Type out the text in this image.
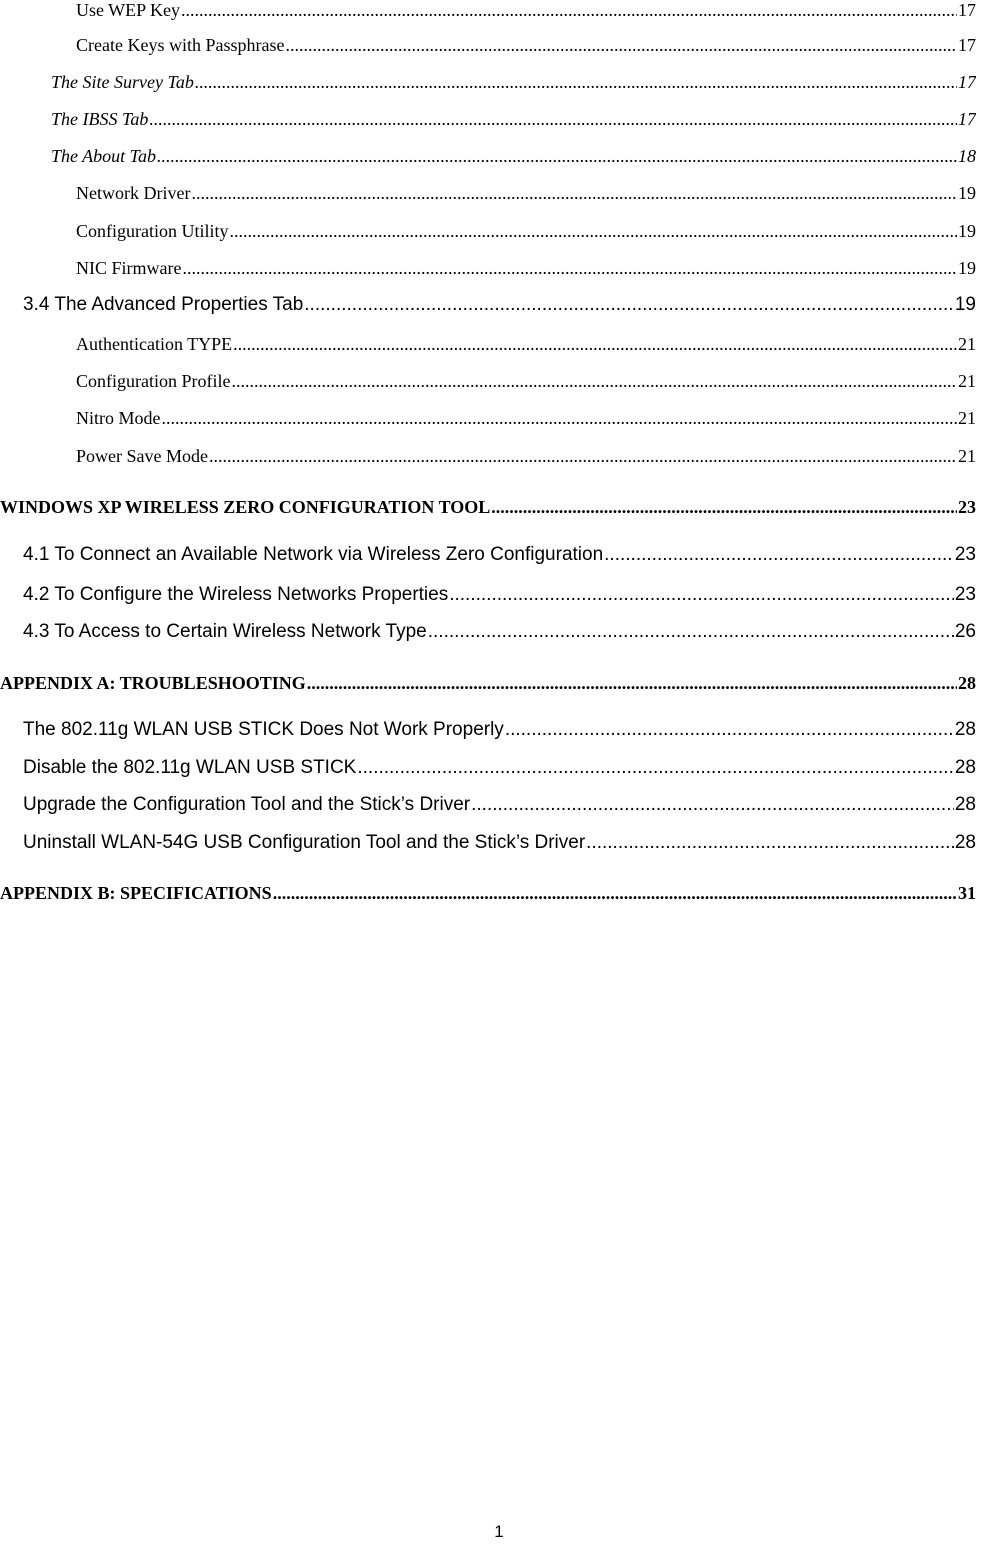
Use WEP Key .....	17
Create Keys with Passphrase .....	17
The Site Survey Tab .....	17
The IBSS Tab .....	17
The About Tab .....	18
Network Driver .....	19
Configuration Utility .....	19
NIC Firmware .....	19
3.4 The Advanced Properties Tab .....	19
Authentication TYPE .....	21
Configuration Profile .....	21
Nitro Mode .....	21
Power Save Mode .....	21
WINDOWS XP WIRELESS ZERO CONFIGURATION TOOL .....	23
4.1 To Connect an Available Network via Wireless Zero Configuration .....	23
4.2 To Configure the Wireless Networks Properties .....	23
4.3 To Access to Certain Wireless Network Type .....	26
APPENDIX A: TROUBLESHOOTING .....	28
The 802.11g WLAN USB STICK Does Not Work Properly .....	28
Disable the 802.11g WLAN USB STICK .....	28
Upgrade the Configuration Tool and the Stick’s Driver .....	28
Uninstall WLAN-54G USB Configuration Tool and the Stick’s Driver .....	28
APPENDIX B: SPECIFICATIONS .....	31
1
